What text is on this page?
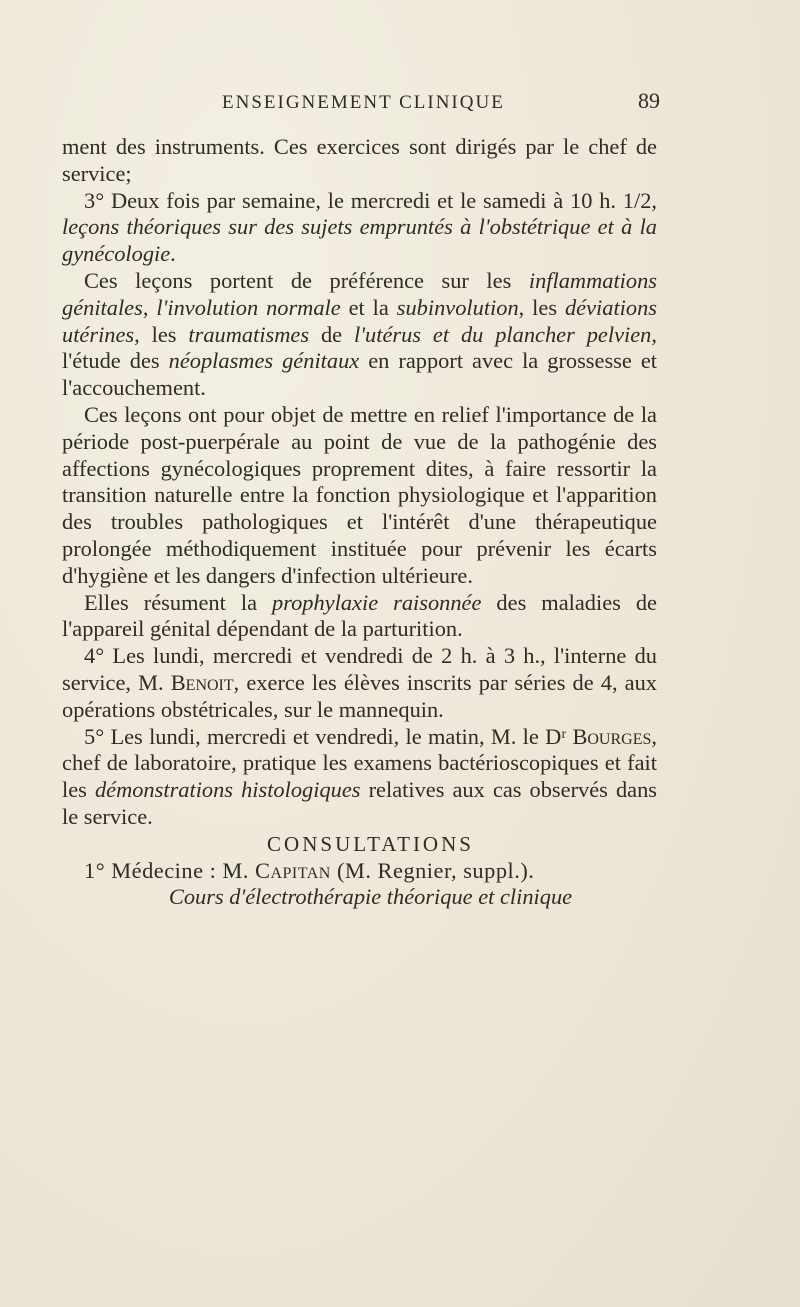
ENSEIGNEMENT CLINIQUE	89

ment des instruments. Ces exercices sont dirigés par le chef de service;

3° Deux fois par semaine, le mercredi et le samedi à 10 h. 1/2, leçons théoriques sur des sujets empruntés à l'obstétrique et à la gynécologie.

Ces leçons portent de préférence sur les inflammations génitales, l'involution normale et la subinvolution, les déviations utérines, les traumatismes de l'utérus et du plancher pelvien, l'étude des néoplasmes génitaux en rapport avec la grossesse et l'accouchement.

Ces leçons ont pour objet de mettre en relief l'importance de la période post-puerpérale au point de vue de la pathogénie des affections gynécologiques proprement dites, à faire ressortir la transition naturelle entre la fonction physiologique et l'apparition des troubles pathologiques et l'intérêt d'une thérapeutique prolongée méthodiquement instituée pour prévenir les écarts d'hygiène et les dangers d'infection ultérieure.

Elles résument la prophylaxie raisonnée des maladies de l'appareil génital dépendant de la parturition.

4° Les lundi, mercredi et vendredi de 2 h. à 3 h., l'interne du service, M. Benoit, exerce les élèves inscrits par séries de 4, aux opérations obstétricales, sur le mannequin.

5° Les lundi, mercredi et vendredi, le matin, M. le Dʳ Bourges, chef de laboratoire, pratique les examens bactérioscopiques et fait les démonstrations histologiques relatives aux cas observés dans le service.

CONSULTATIONS

1° Médecine : M. Capitan (M. Regnier, suppl.).

Cours d'électrothérapie théorique et clinique
